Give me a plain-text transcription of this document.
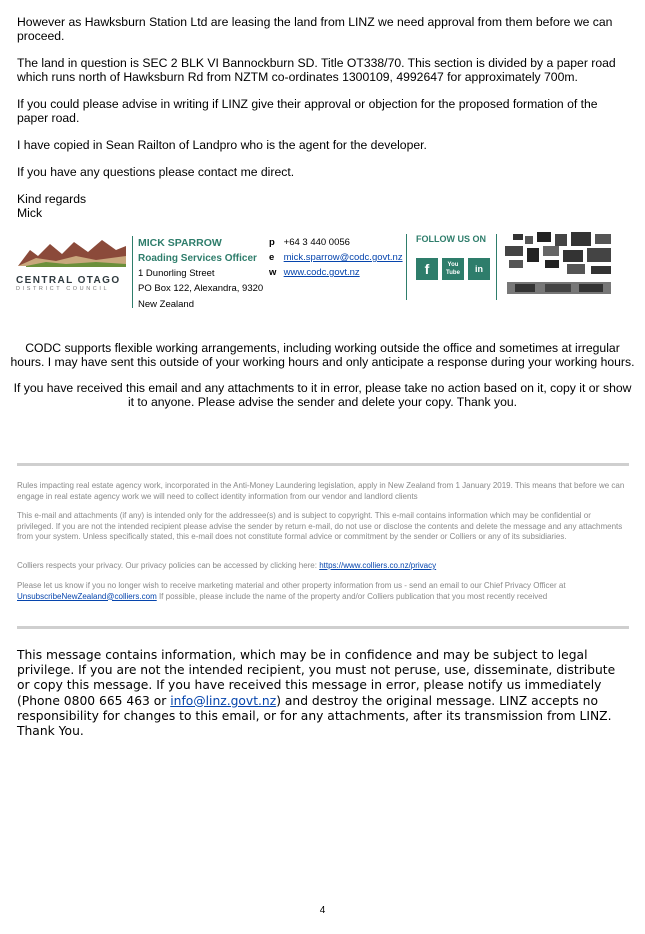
However as Hawksburn Station Ltd are leasing the land from LINZ we need approval from them before we can proceed.

The land in question is SEC 2 BLK VI Bannockburn SD. Title OT338/70. This section is divided by a paper road which runs north of Hawksburn Rd from NZTM co-ordinates 1300109, 4992647 for approximately 700m.

If you could please advise in writing if LINZ give their approval or objection for the proposed formation of the paper road.

I have copied in Sean Railton of Landpro who is the agent for the developer.

If you have any questions please contact me direct.

Kind regards

Mick

CENTRAL OTAGO
DISTRICT COUNCIL
MICK SPARROW
Roading Services Officer
1 Dunorling Street
PO Box 122, Alexandra, 9320
New Zealand
p +64 3 440 0056
e mick.sparrow@codc.govt.nz
w www.codc.govt.nz
FOLLOW US ON
f	You Tube	in

CODC supports flexible working arrangements, including working outside the office and sometimes at irregular hours. I may have sent this outside of your working hours and only anticipate a response during your working hours.

If you have received this email and any attachments to it in error, please take no action based on it, copy it or show it to anyone. Please advise the sender and delete your copy. Thank you.

Rules impacting real estate agency work, incorporated in the Anti-Money Laundering legislation, apply in New Zealand from 1 January 2019. This means that before we can engage in real estate agency work we will need to collect identity information from our vendor and landlord clients

This e-mail and attachments (if any) is intended only for the addressee(s) and is subject to copyright. This e-mail contains information which may be confidential or privileged. If you are not the intended recipient please advise the sender by return e-mail, do not use or disclose the contents and delete the message and any attachments from your system. Unless specifically stated, this e-mail does not constitute formal advice or commitment by the sender or Colliers or any of its subsidiaries.

Colliers respects your privacy. Our privacy policies can be accessed by clicking here: https://www.colliers.co.nz/privacy

Please let us know if you no longer wish to receive marketing material and other property information from us - send an email to our Chief Privacy Officer at UnsubscribeNewZealand@colliers.com If possible, please include the name of the property and/or Colliers publication that you most recently received

This message contains information, which may be in confidence and may be subject to legal privilege. If you are not the intended recipient, you must not peruse, use, disseminate, distribute or copy this message. If you have received this message in error, please notify us immediately (Phone 0800 665 463 or info@linz.govt.nz) and destroy the original message. LINZ accepts no responsibility for changes to this email, or for any attachments, after its transmission from LINZ. Thank You.

4
